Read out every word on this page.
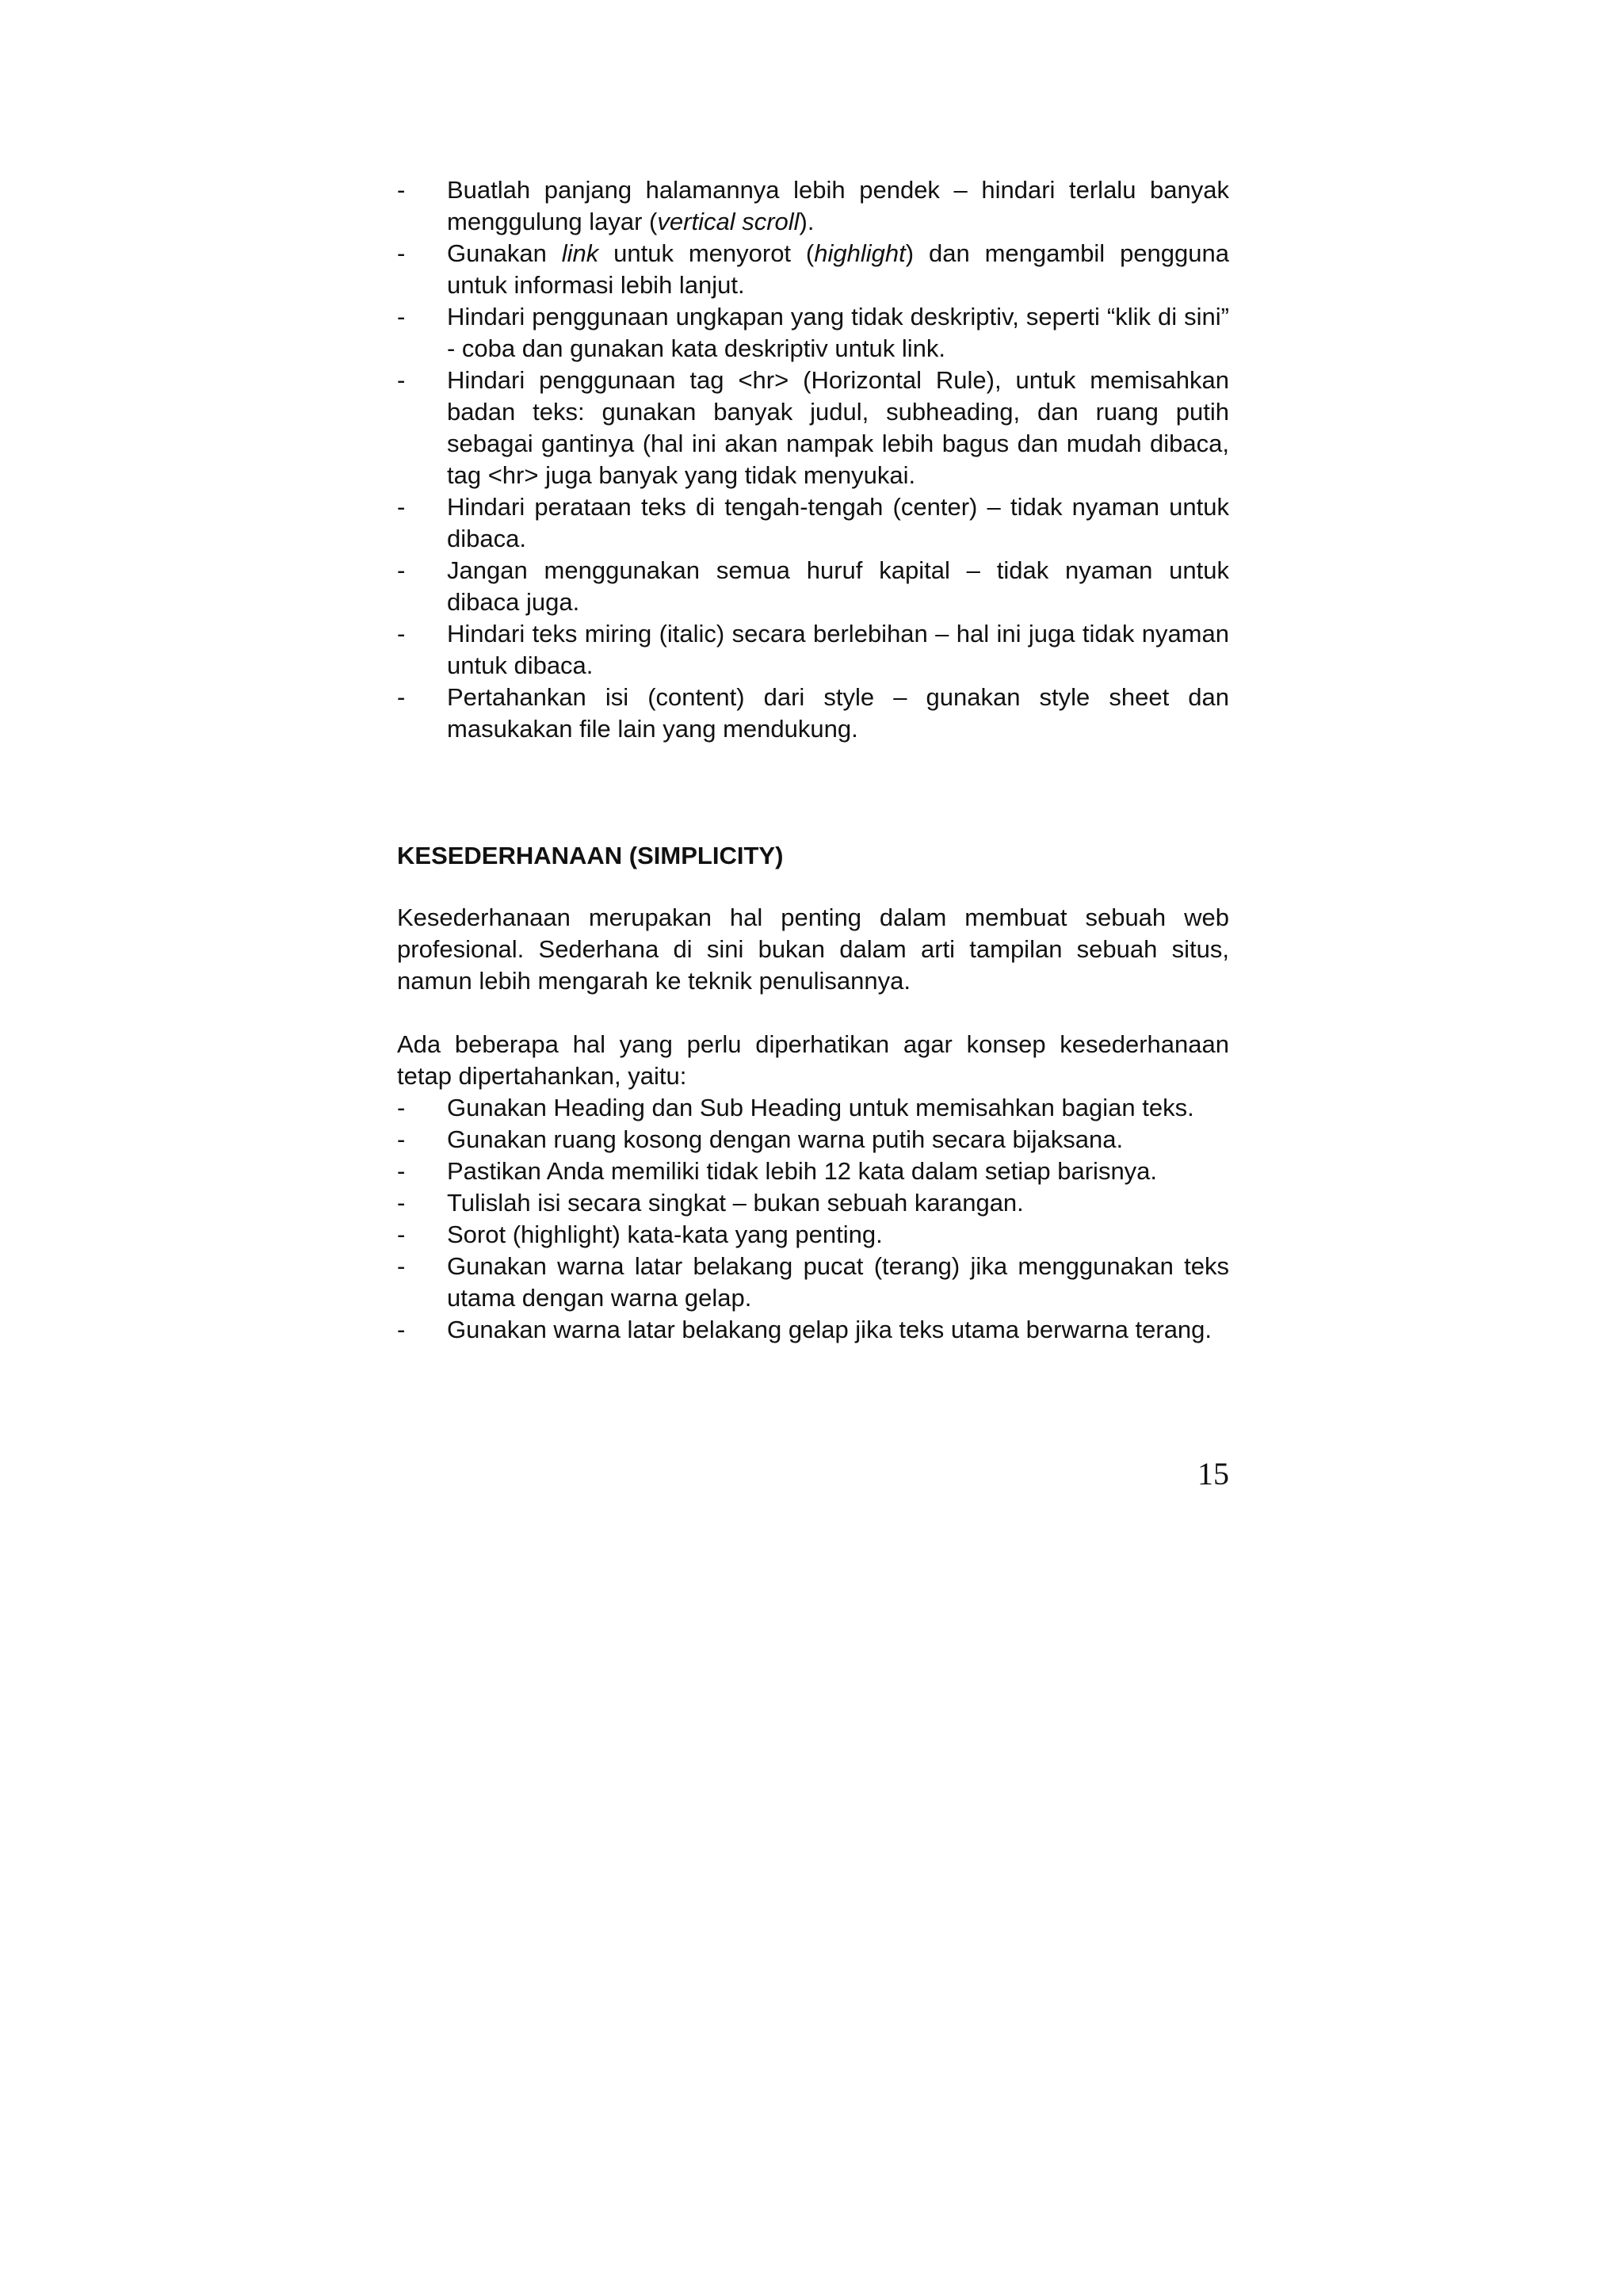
- Buatlah panjang halamannya lebih pendek – hindari terlalu banyak menggulung layar (vertical scroll).
- Gunakan link untuk menyorot (highlight) dan mengambil pengguna untuk informasi lebih lanjut.
- Hindari penggunaan ungkapan yang tidak deskriptiv, seperti “klik di sini” - coba dan gunakan kata deskriptiv untuk link.
- Hindari penggunaan tag <hr> (Horizontal Rule), untuk memisahkan badan teks: gunakan banyak judul, subheading, dan ruang putih sebagai gantinya (hal ini akan nampak lebih bagus dan mudah dibaca, tag <hr> juga banyak yang tidak menyukai.
- Hindari perataan teks di tengah-tengah (center) – tidak nyaman untuk dibaca.
- Jangan menggunakan semua huruf kapital – tidak nyaman untuk dibaca juga.
- Hindari teks miring (italic) secara berlebihan – hal ini juga tidak nyaman untuk dibaca.
- Pertahankan isi (content) dari style – gunakan style sheet dan masukakan file lain yang mendukung.
KESEDERHANAAN (SIMPLICITY)

Kesederhanaan merupakan hal penting dalam membuat sebuah web profesional. Sederhana di sini bukan dalam arti tampilan sebuah situs, namun lebih mengarah ke teknik penulisannya.

Ada beberapa hal yang perlu diperhatikan agar konsep kesederhanaan tetap dipertahankan, yaitu:

- Gunakan Heading dan Sub Heading untuk memisahkan bagian teks.
- Gunakan ruang kosong dengan warna putih secara bijaksana.
- Pastikan Anda memiliki tidak lebih 12 kata dalam setiap barisnya.
- Tulislah isi secara singkat – bukan sebuah karangan.
- Sorot (highlight) kata-kata yang penting.
- Gunakan warna latar belakang pucat (terang) jika menggunakan teks utama dengan warna gelap.
- Gunakan warna latar belakang gelap jika teks utama berwarna terang.
15
